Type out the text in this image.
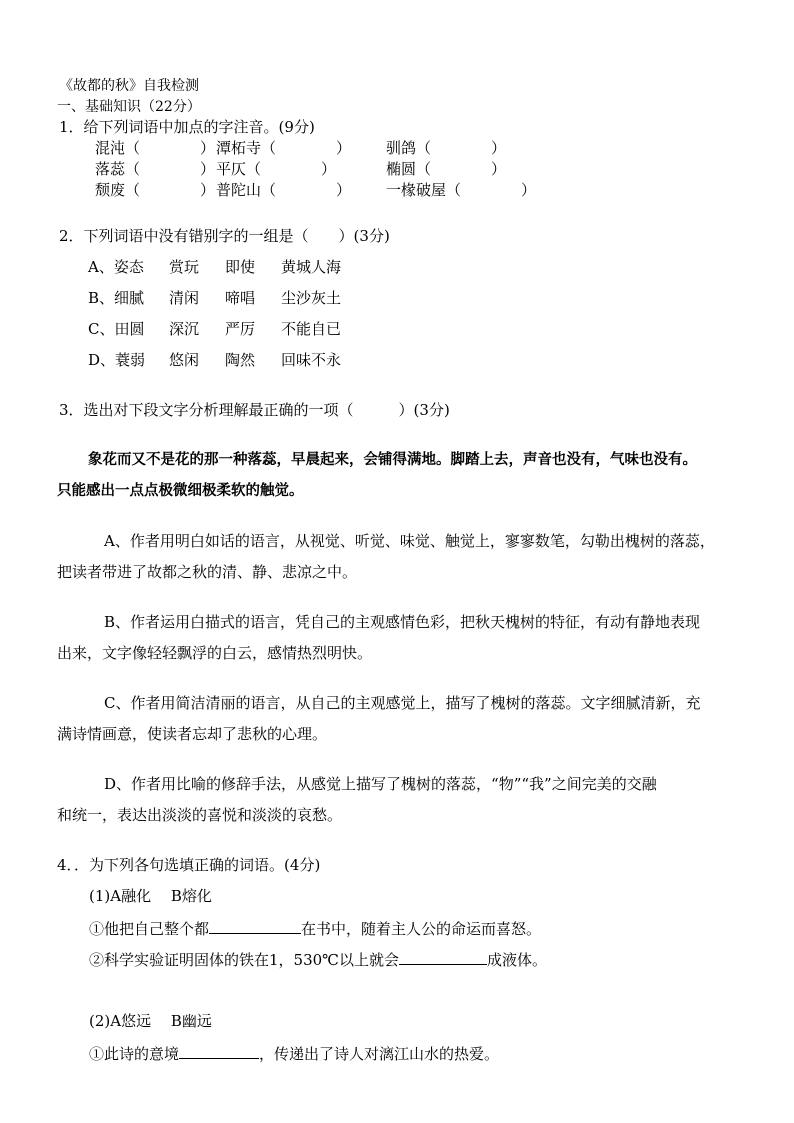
《故都的秋》自我检测
一、基础知识（22分）
1．给下列词语中加点的字注音。(9分)
混沌（　　　　） 潭柘寺（　　　　） 驯鸽（　　　　）
落蕊（　　　　） 平仄（　　　　）	椭圆（　　　　）
颓废（　　　　） 普陀山（　　　　） 一椽破屋（　　　　）
2．下列词语中没有错别字的一组是（　　）(3分)
A、姿态 赏玩 即使 黄城人海
B、细腻 清闲 啼唱 尘沙灰土
C、田圆 深沉 严厉 不能自已
D、蓑弱 悠闲 陶然 回味不永
3．选出对下段文字分析理解最正确的一项（　　　）(3分)
象花而又不是花的那一种落蕊，早晨起来，会铺得满地。脚踏上去，声音也没有，气味也没有。
只能感出一点点极微细极柔软的触觉。
A、作者用明白如话的语言，从视觉、听觉、味觉、触觉上，寥寥数笔，勾勒出槐树的落蕊，
把读者带进了故都之秋的清、静、悲凉之中。
B、作者运用白描式的语言，凭自己的主观感情色彩，把秋天槐树的特征，有动有静地表现
出来，文字像轻轻飘浮的白云，感情热烈明快。
C、作者用简洁清丽的语言，从自己的主观感觉上，描写了槐树的落蕊。文字细腻清新，充
满诗情画意，使读者忘却了悲秋的心理。
D、作者用比喻的修辞手法，从感觉上描写了槐树的落蕊，“物”“我”之间完美的交融
和统一，表达出淡淡的喜悦和淡淡的哀愁。
4．．为下列各句选填正确的词语。(4分)
(1)A融化　 B熔化
①他把自己整个都	在书中，随着主人公的命运而喜怒。
②科学实验证明固体的铁在1，530℃以上就会	成液体。
(2)A悠远　 B幽远
①此诗的意境	，传递出了诗人对漓江山水的热爱。
